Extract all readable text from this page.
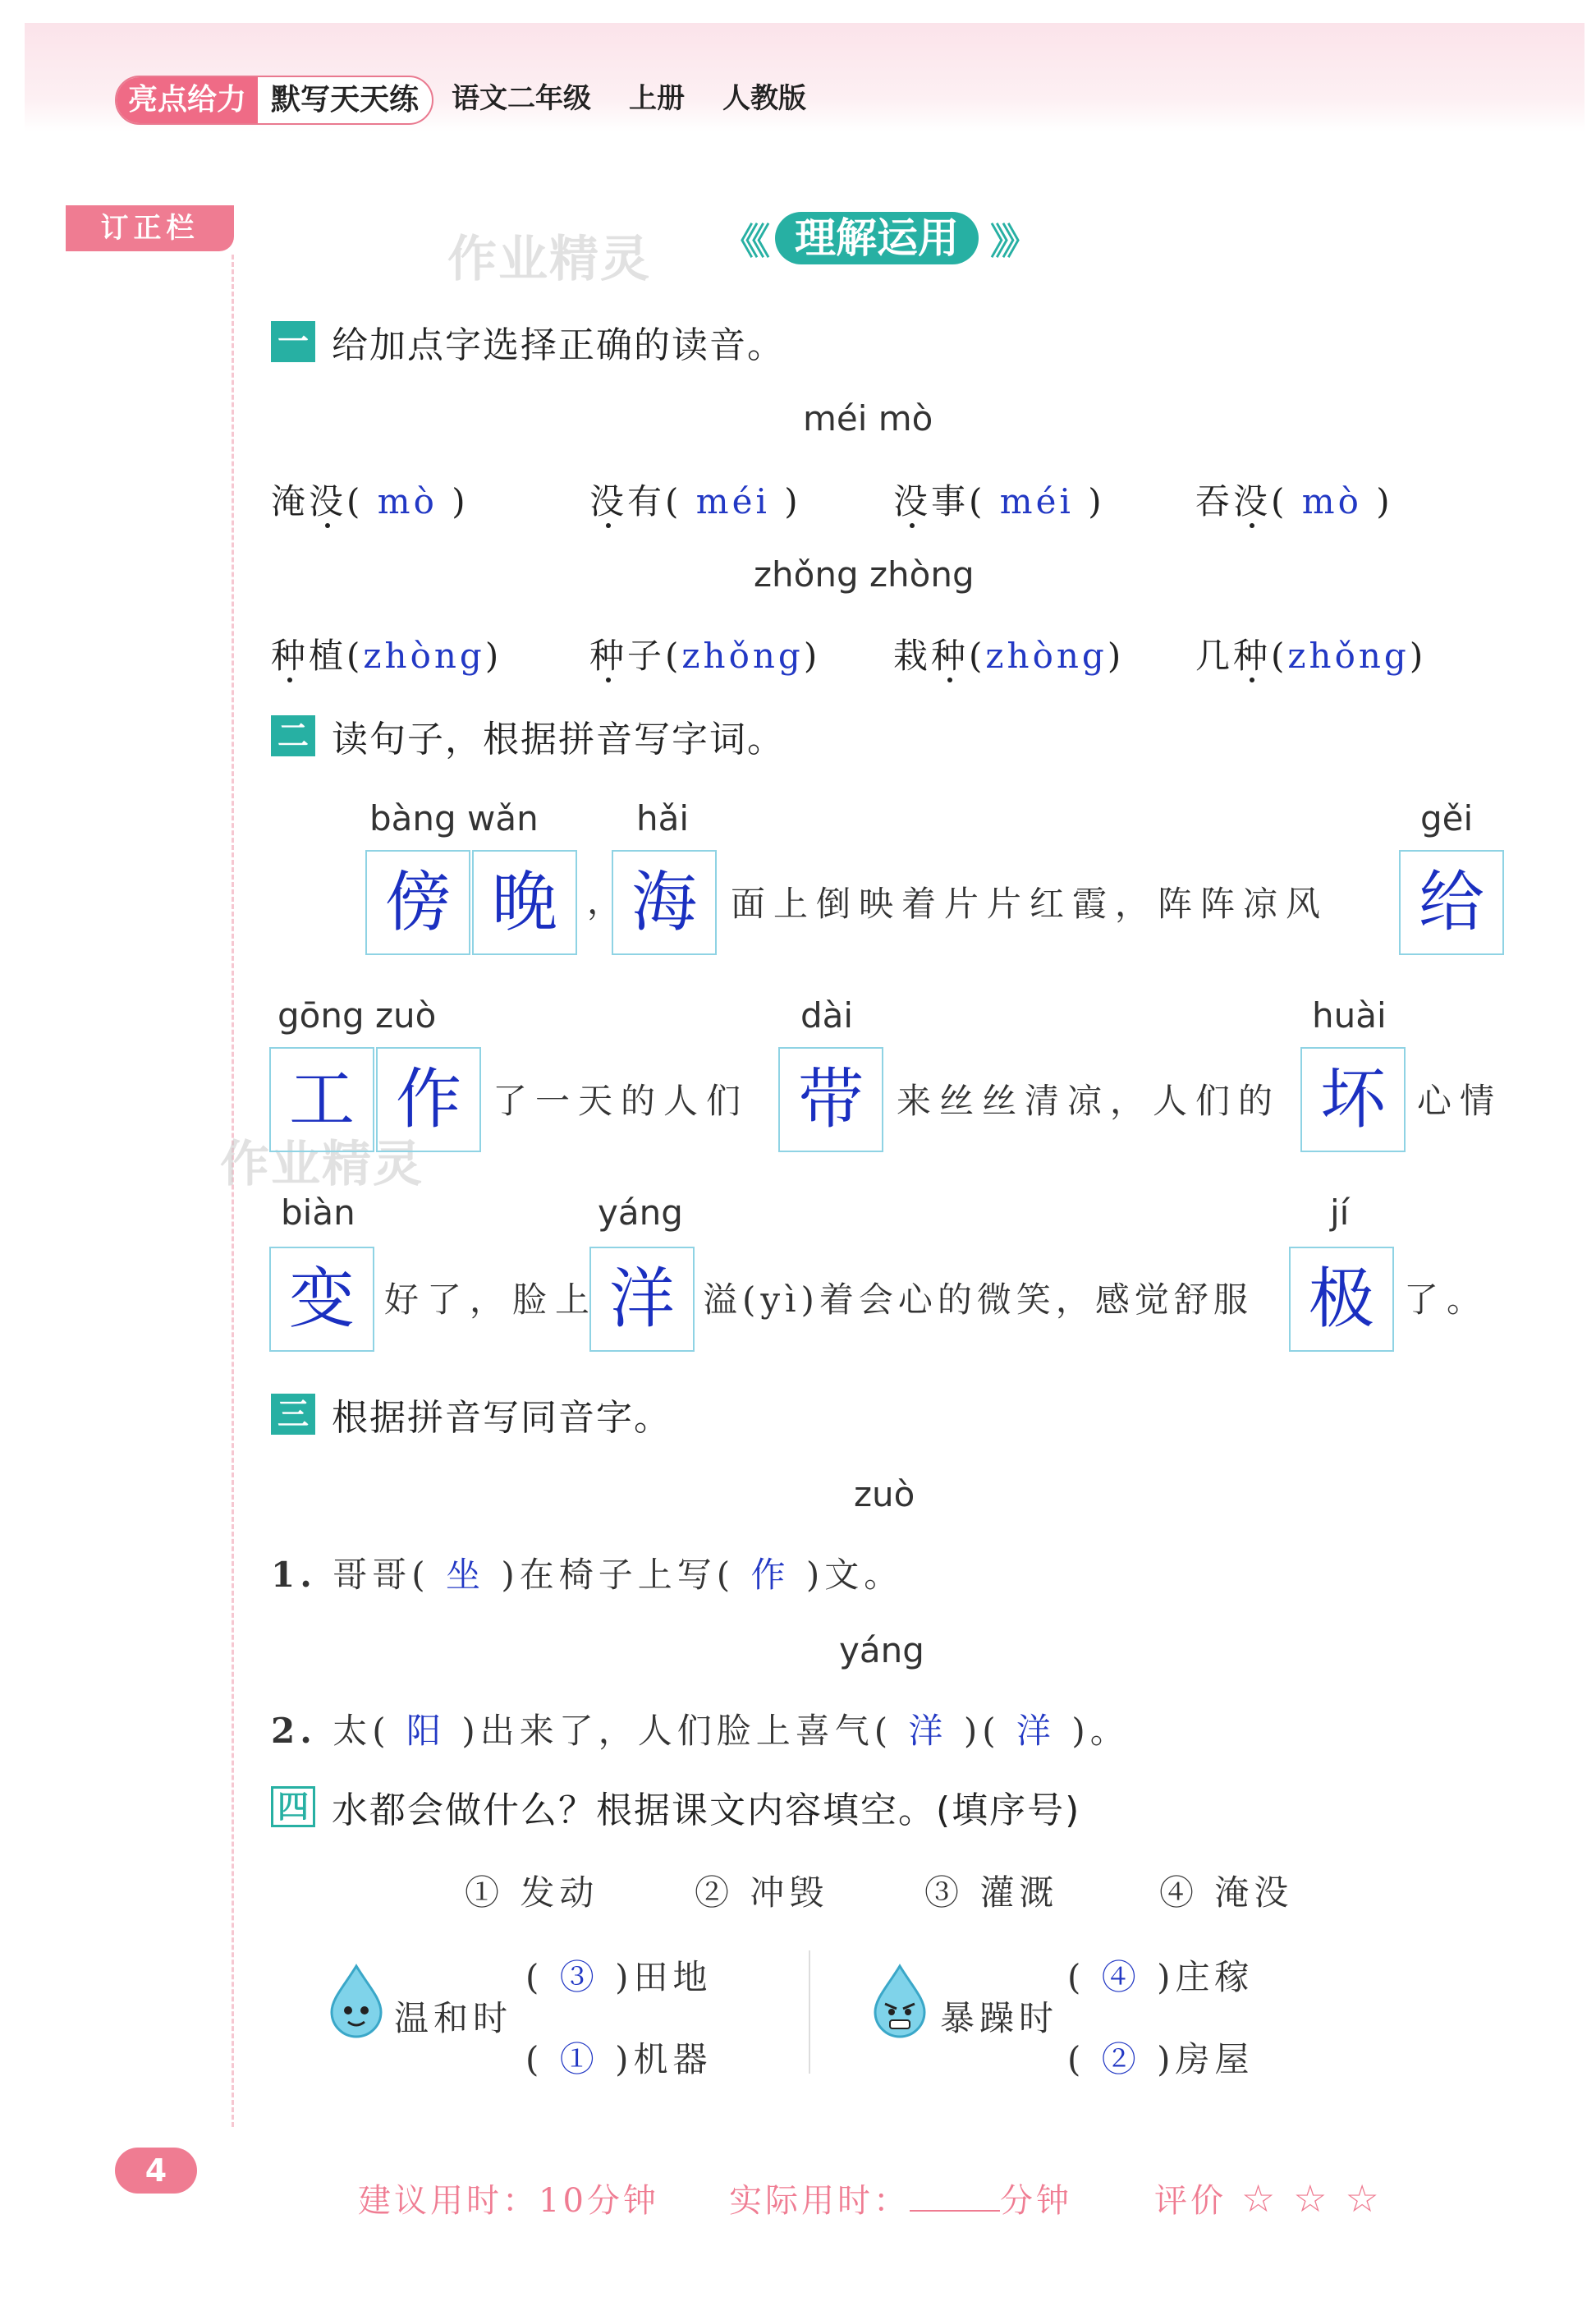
亮点给力 默写天天练	语文二年级 上册 人教版
订正栏
作业精灵
作业精灵
《《 理解运用 》》
一 给加点字选择正确的读音。
méi mò
淹没( mò )	没有( méi )	没事( méi )	吞没( mò )
zhǒng zhòng
种植(zhòng)	种子(zhǒng) 栽种(zhòng) 几种(zhǒng)
二 读句子，根据拼音写字词。
bàng wǎn	hǎi	gěi
傍 晚 ， 海 面上倒映着片片红霞，阵阵凉风	给
gōng zuò	dài	huài
工 作 了一天的人们 带 来丝丝清凉，人们的 坏 心情
biàn	yáng	jí
变 好了，脸上 洋 溢(yì)着会心的微笑，感觉舒服 极 了。
三 根据拼音写同音字。
zuò
1. 哥哥( 坐 )在椅子上写( 作 )文。
yáng
2. 太( 阳 )出来了，人们脸上喜气( 洋 )( 洋 )。
四 水都会做什么？根据课文内容填空。(填序号)
① 发动	② 冲毁	③ 灌溉	④ 淹没
温和时
( ③ )田地
( ① )机器
暴躁时
( ④ )庄稼
( ② )房屋
4
建议用时：10分钟 实际用时：	分钟	评价 ☆ ☆ ☆
